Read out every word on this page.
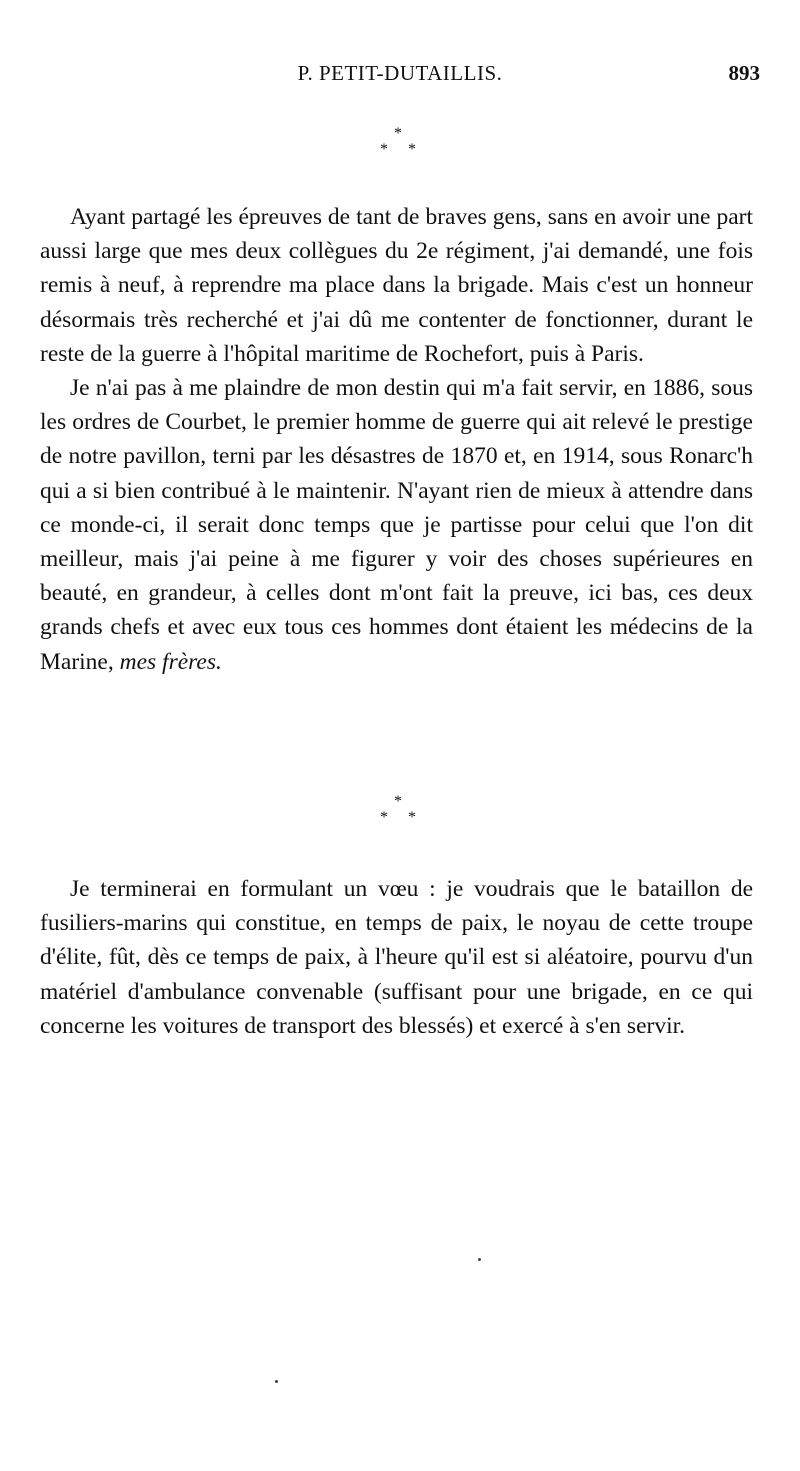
P. PETIT-DUTAILLIS.	893
*
* *

Ayant partagé les épreuves de tant de braves gens, sans en avoir une part aussi large que mes deux collègues du 2e régiment, j'ai demandé, une fois remis à neuf, à reprendre ma place dans la brigade. Mais c'est un honneur désormais très recherché et j'ai dû me contenter de fonctionner, durant le reste de la guerre à l'hôpital maritime de Rochefort, puis à Paris.

Je n'ai pas à me plaindre de mon destin qui m'a fait servir, en 1886, sous les ordres de Courbet, le premier homme de guerre qui ait relevé le prestige de notre pavillon, terni par les désastres de 1870 et, en 1914, sous Ronarc'h qui a si bien contribué à le maintenir. N'ayant rien de mieux à attendre dans ce monde-ci, il serait donc temps que je partisse pour celui que l'on dit meilleur, mais j'ai peine à me figurer y voir des choses supérieures en beauté, en grandeur, à celles dont m'ont fait la preuve, ici bas, ces deux grands chefs et avec eux tous ces hommes dont étaient les médecins de la Marine, mes frères.

*
* *

Je terminerai en formulant un vœu : je voudrais que le bataillon de fusiliers-marins qui constitue, en temps de paix, le noyau de cette troupe d'élite, fût, dès ce temps de paix, à l'heure qu'il est si aléatoire, pourvu d'un matériel d'ambulance convenable (suffisant pour une brigade, en ce qui concerne les voitures de transport des blessés) et exercé à s'en servir.
